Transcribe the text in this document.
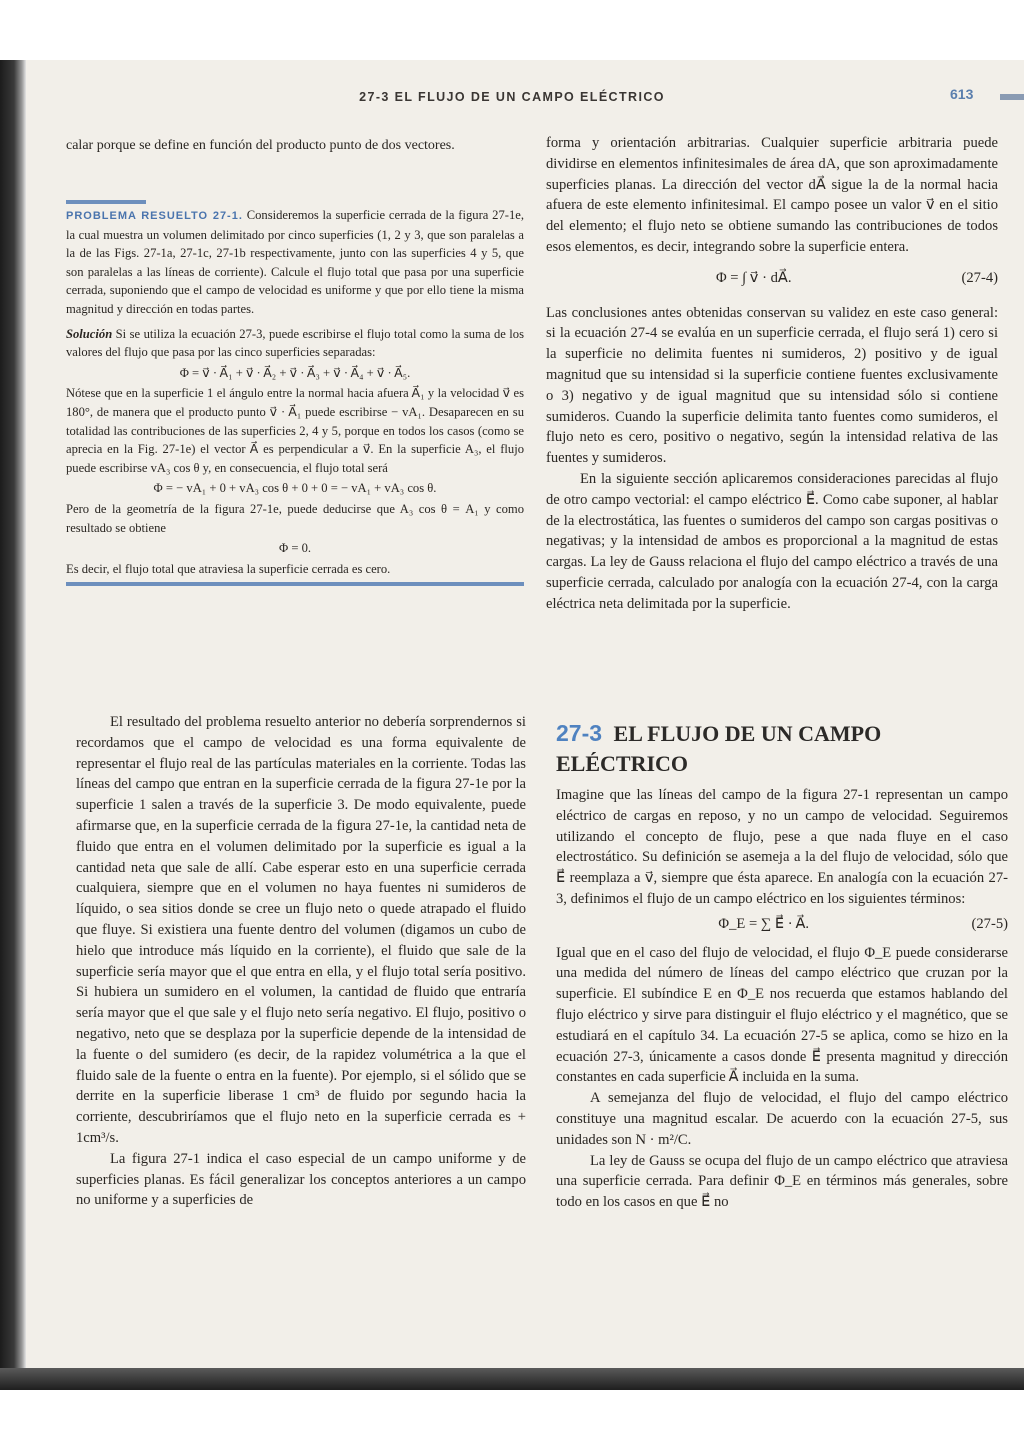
27-3 EL FLUJO DE UN CAMPO ELÉCTRICO	613

calar porque se define en función del producto punto de dos vectores.

PROBLEMA RESUELTO 27-1. Consideremos la superficie cerrada de la figura 27-1e, la cual muestra un volumen delimitado por cinco superficies (1, 2 y 3, que son paralelas a la de las Figs. 27-1a, 27-1c, 27-1b respectivamente, junto con las superficies 4 y 5, que son paralelas a las líneas de corriente). Calcule el flujo total que pasa por una superficie cerrada, suponiendo que el campo de velocidad es uniforme y que por ello tiene la misma magnitud y dirección en todas partes.

Solución Si se utiliza la ecuación 27-3, puede escribirse el flujo total como la suma de los valores del flujo que pasa por las cinco superficies separadas:

Φ = v⃗ · A⃗₁ + v⃗ · A⃗₂ + v⃗ · A⃗₃ + v⃗ · A⃗₄ + v⃗ · A⃗₅.

Nótese que en la superficie 1 el ángulo entre la normal hacia afuera A⃗₁ y la velocidad v⃗ es 180°, de manera que el producto punto v⃗ · A⃗₁ puede escribirse − vA₁. Desaparecen en su totalidad las contribuciones de las superficies 2, 4 y 5, porque en todos los casos (como se aprecia en la Fig. 27-1e) el vector A⃗ es perpendicular a v⃗. En la superficie A₃, el flujo puede escribirse vA₃ cos θ y, en consecuencia, el flujo total será

Φ = − vA₁ + 0 + vA₃ cos θ + 0 + 0 = − vA₁ + vA₃ cos θ.

Pero de la geometría de la figura 27-1e, puede deducirse que A₃ cos θ = A₁ y como resultado se obtiene

Φ = 0.

Es decir, el flujo total que atraviesa la superficie cerrada es cero.

El resultado del problema resuelto anterior no debería sorprendernos si recordamos que el campo de velocidad es una forma equivalente de representar el flujo real de las partículas materiales en la corriente. Todas las líneas del campo que entran en la superficie cerrada de la figura 27-1e por la superficie 1 salen a través de la superficie 3. De modo equivalente, puede afirmarse que, en la superficie cerrada de la figura 27-1e, la cantidad neta de fluido que entra en el volumen delimitado por la superficie es igual a la cantidad neta que sale de allí. Cabe esperar esto en una superficie cerrada cualquiera, siempre que en el volumen no haya fuentes ni sumideros de líquido, o sea sitios donde se cree un flujo neto o quede atrapado el fluido que fluye. Si existiera una fuente dentro del volumen (digamos un cubo de hielo que introduce más líquido en la corriente), el fluido que sale de la superficie sería mayor que el que entra en ella, y el flujo total sería positivo. Si hubiera un sumidero en el volumen, la cantidad de fluido que entraría sería mayor que el que sale y el flujo neto sería negativo. El flujo, positivo o negativo, neto que se desplaza por la superficie depende de la intensidad de la fuente o del sumidero (es decir, de la rapidez volumétrica a la que el fluido sale de la fuente o entra en la fuente). Por ejemplo, si el sólido que se derrite en la superficie liberase 1 cm³ de fluido por segundo hacia la corriente, descubriríamos que el flujo neto en la superficie cerrada es + 1cm³/s.

La figura 27-1 indica el caso especial de un campo uniforme y de superficies planas. Es fácil generalizar los conceptos anteriores a un campo no uniforme y a superficies de

forma y orientación arbitrarias. Cualquier superficie arbitraria puede dividirse en elementos infinitesimales de área dA, que son aproximadamente superficies planas. La dirección del vector dA⃗ sigue la de la normal hacia afuera de este elemento infinitesimal. El campo posee un valor v⃗ en el sitio del elemento; el flujo neto se obtiene sumando las contribuciones de todos esos elementos, es decir, integrando sobre la superficie entera.

Φ = ∫ v⃗ · dA⃗.	(27-4)

Las conclusiones antes obtenidas conservan su validez en este caso general: si la ecuación 27-4 se evalúa en un superficie cerrada, el flujo será 1) cero si la superficie no delimita fuentes ni sumideros, 2) positivo y de igual magnitud que su intensidad si la superficie contiene fuentes exclusivamente o 3) negativo y de igual magnitud que su intensidad sólo si contiene sumideros. Cuando la superficie delimita tanto fuentes como sumideros, el flujo neto es cero, positivo o negativo, según la intensidad relativa de las fuentes y sumideros.

En la siguiente sección aplicaremos consideraciones parecidas al flujo de otro campo vectorial: el campo eléctrico E⃗. Como cabe suponer, al hablar de la electrostática, las fuentes o sumideros del campo son cargas positivas o negativas; y la intensidad de ambos es proporcional a la magnitud de estas cargas. La ley de Gauss relaciona el flujo del campo eléctrico a través de una superficie cerrada, calculado por analogía con la ecuación 27-4, con la carga eléctrica neta delimitada por la superficie.

27-3 EL FLUJO DE UN CAMPO ELÉCTRICO

Imagine que las líneas del campo de la figura 27-1 representan un campo eléctrico de cargas en reposo, y no un campo de velocidad. Seguiremos utilizando el concepto de flujo, pese a que nada fluye en el caso electrostático. Su definición se asemeja a la del flujo de velocidad, sólo que E⃗ reemplaza a v⃗, siempre que ésta aparece. En analogía con la ecuación 27-3, definimos el flujo de un campo eléctrico en los siguientes términos:

Φ_E = ∑ E⃗ · A⃗.	(27-5)

Igual que en el caso del flujo de velocidad, el flujo Φ_E puede considerarse una medida del número de líneas del campo eléctrico que cruzan por la superficie. El subíndice E en Φ_E nos recuerda que estamos hablando del flujo eléctrico y sirve para distinguir el flujo eléctrico y el magnético, que se estudiará en el capítulo 34. La ecuación 27-5 se aplica, como se hizo en la ecuación 27-3, únicamente a casos donde E⃗ presenta magnitud y dirección constantes en cada superficie A⃗ incluida en la suma.

A semejanza del flujo de velocidad, el flujo del campo eléctrico constituye una magnitud escalar. De acuerdo con la ecuación 27-5, sus unidades son N · m²/C.

La ley de Gauss se ocupa del flujo de un campo eléctrico que atraviesa una superficie cerrada. Para definir Φ_E en términos más generales, sobre todo en los casos en que E⃗ no
